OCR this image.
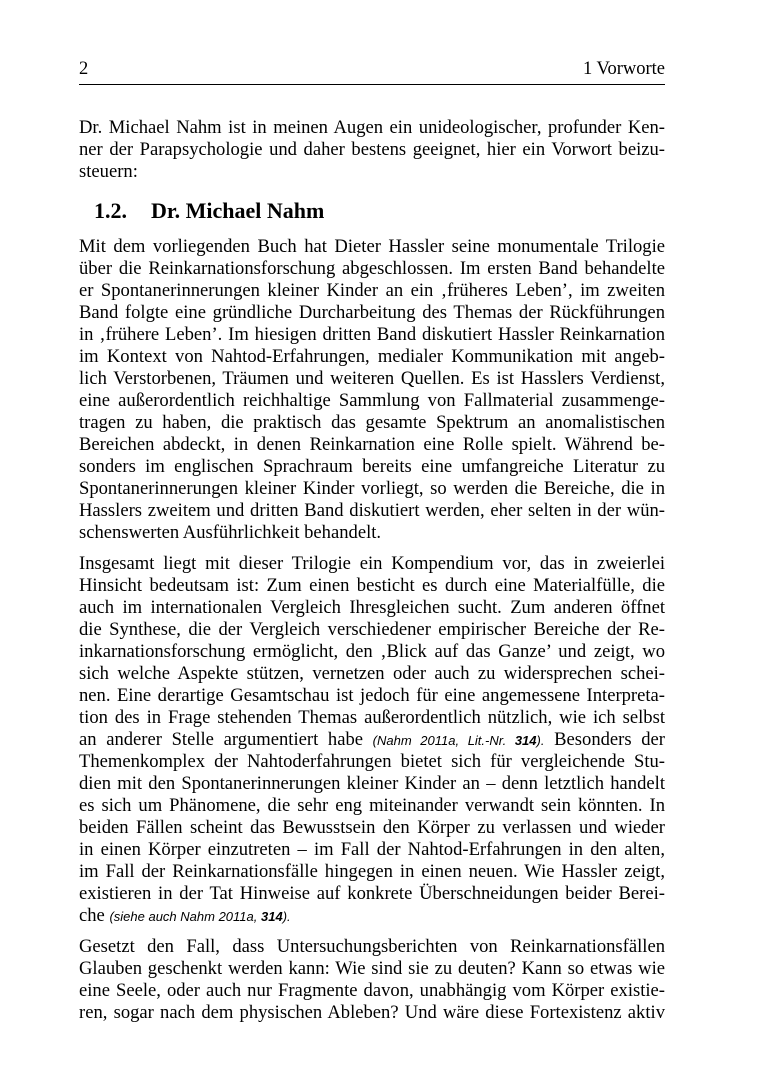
2	1 Vorworte
Dr. Michael Nahm ist in meinen Augen ein unideologischer, profunder Ken-
ner der Parapsychologie und daher bestens geeignet, hier ein Vorwort beizu-
steuern:
1.2. Dr. Michael Nahm
Mit dem vorliegenden Buch hat Dieter Hassler seine monumentale Trilogie
über die Reinkarnationsforschung abgeschlossen. Im ersten Band behandelte
er Spontanerinnerungen kleiner Kinder an ein ‚früheres Leben’, im zweiten
Band folgte eine gründliche Durcharbeitung des Themas der Rückführungen
in ‚frühere Leben’. Im hiesigen dritten Band diskutiert Hassler Reinkarnation
im Kontext von Nahtod-Erfahrungen, medialer Kommunikation mit angeb-
lich Verstorbenen, Träumen und weiteren Quellen. Es ist Hasslers Verdienst,
eine außerordentlich reichhaltige Sammlung von Fallmaterial zusammenge-
tragen zu haben, die praktisch das gesamte Spektrum an anomalistischen
Bereichen abdeckt, in denen Reinkarnation eine Rolle spielt. Während be-
sonders im englischen Sprachraum bereits eine umfangreiche Literatur zu
Spontanerinnerungen kleiner Kinder vorliegt, so werden die Bereiche, die in
Hasslers zweitem und dritten Band diskutiert werden, eher selten in der wün-
schenswerten Ausführlichkeit behandelt.
Insgesamt liegt mit dieser Trilogie ein Kompendium vor, das in zweierlei
Hinsicht bedeutsam ist: Zum einen besticht es durch eine Materialfülle, die
auch im internationalen Vergleich Ihresgleichen sucht. Zum anderen öffnet
die Synthese, die der Vergleich verschiedener empirischer Bereiche der Re-
inkarnationsforschung ermöglicht, den ‚Blick auf das Ganze’ und zeigt, wo
sich welche Aspekte stützen, vernetzen oder auch zu widersprechen schei-
nen. Eine derartige Gesamtschau ist jedoch für eine angemessene Interpreta-
tion des in Frage stehenden Themas außerordentlich nützlich, wie ich selbst
an anderer Stelle argumentiert habe (Nahm 2011a, Lit.-Nr. 314). Besonders der
Themenkomplex der Nahtoderfahrungen bietet sich für vergleichende Stu-
dien mit den Spontanerinnerungen kleiner Kinder an – denn letztlich handelt
es sich um Phänomene, die sehr eng miteinander verwandt sein könnten. In
beiden Fällen scheint das Bewusstsein den Körper zu verlassen und wieder
in einen Körper einzutreten – im Fall der Nahtod-Erfahrungen in den alten,
im Fall der Reinkarnationsfälle hingegen in einen neuen. Wie Hassler zeigt,
existieren in der Tat Hinweise auf konkrete Überschneidungen beider Berei-
che (siehe auch Nahm 2011a, 314).
Gesetzt den Fall, dass Untersuchungsberichten von Reinkarnationsfällen
Glauben geschenkt werden kann: Wie sind sie zu deuten? Kann so etwas wie
eine Seele, oder auch nur Fragmente davon, unabhängig vom Körper existie-
ren, sogar nach dem physischen Ableben? Und wäre diese Fortexistenz aktiv
